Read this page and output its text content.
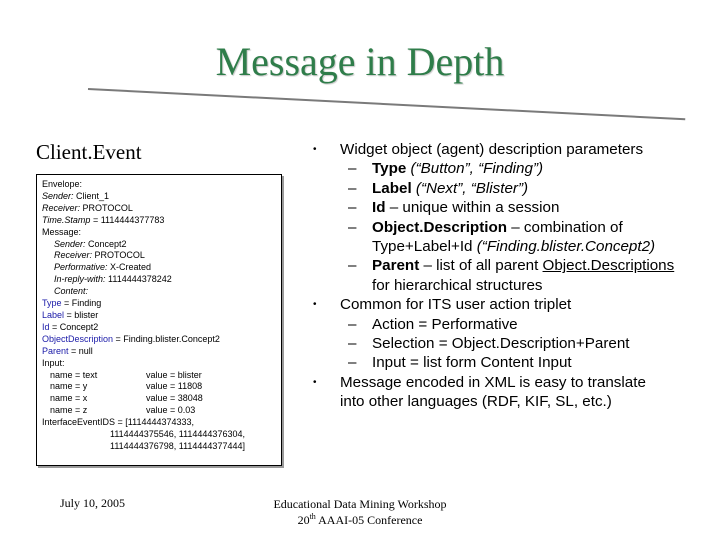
Message in Depth
Client.Event
Envelope:
Sender: Client_1
Receiver: PROTOCOL
Time.Stamp = 1114444377783
Message:
Sender: Concept2
Receiver: PROTOCOL
Performative: X-Created
In-reply-with: 1114444378242
Content:
Type = Finding
Label = blister
Id = Concept2
ObjectDescription = Finding.blister.Concept2
Parent = null
Input:
name = text	value = blister
name = y	value = 11808
name = x	value = 38048
name = z	value = 0.03
InterfaceEventIDS = [1114444374333,
1114444375546, 1114444376304,
1114444376798, 1114444377444]
• Widget object (agent) description parameters
– Type (“Button”, “Finding”)
– Label (“Next”, “Blister”)
– Id – unique within a session
– Object.Description – combination of
Type+Label+Id (“Finding.blister.Concept2)
– Parent – list of all parent Object.Descriptions
for hierarchical structures
• Common for ITS user action triplet
– Action = Performative
– Selection = Object.Description+Parent
– Input = list form Content Input
• Message encoded in XML is easy to translate
into other languages (RDF, KIF, SL, etc.)
July 10, 2005	Educational Data Mining Workshop
20th AAAI-05 Conference
